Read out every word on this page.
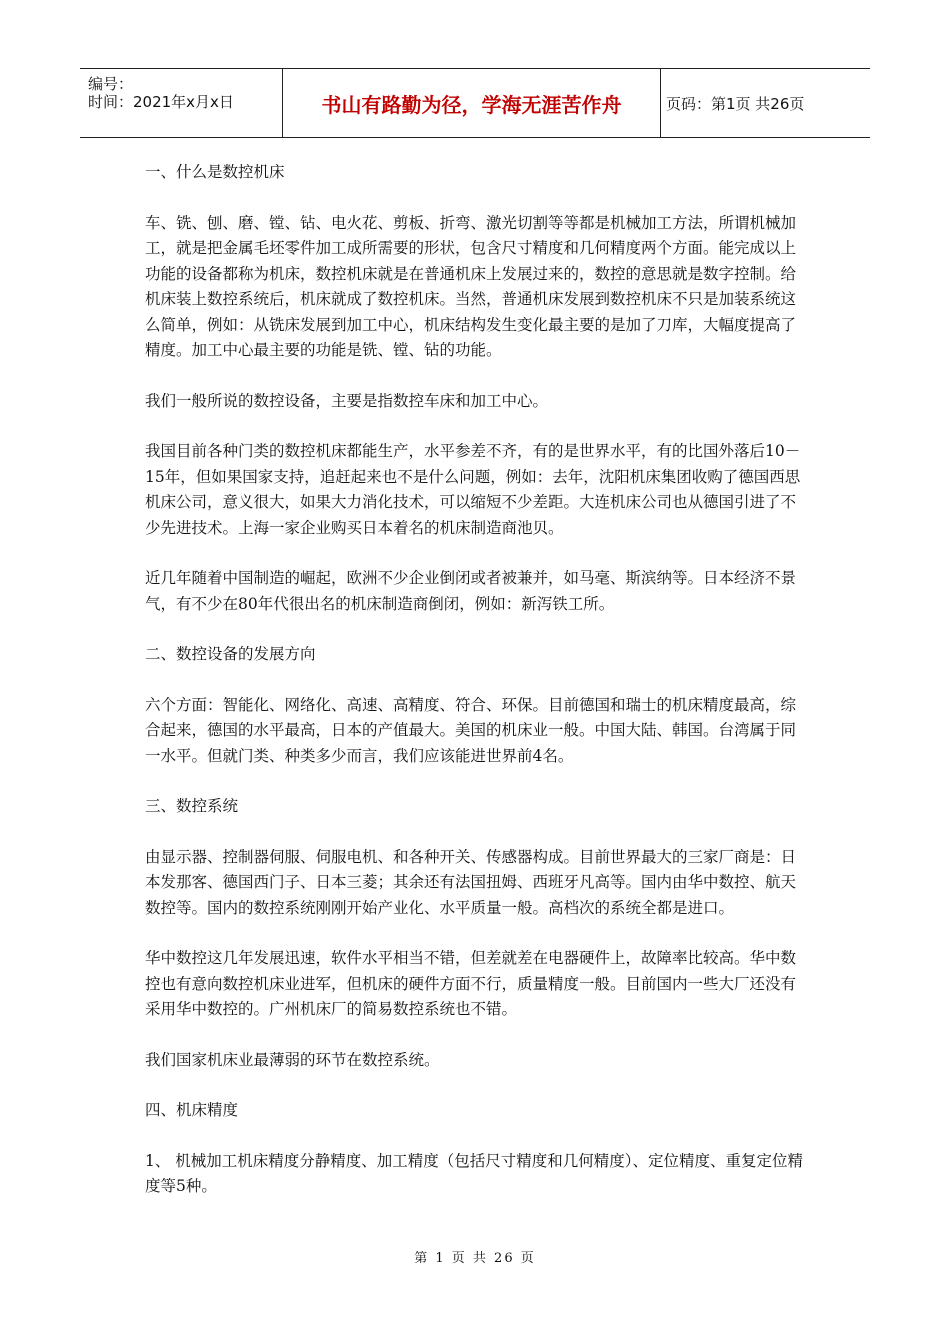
编号：
时间：2021年x月x日	书山有路勤为径，学海无涯苦作舟	页码：第1页 共26页

一、什么是数控机床

车、铣、刨、磨、镗、钻、电火花、剪板、折弯、激光切割等等都是机械加工方法，所谓机械加工，就是把金属毛坯零件加工成所需要的形状，包含尺寸精度和几何精度两个方面。能完成以上功能的设备都称为机床，数控机床就是在普通机床上发展过来的，数控的意思就是数字控制。给机床装上数控系统后，机床就成了数控机床。当然，普通机床发展到数控机床不只是加装系统这么简单，例如：从铣床发展到加工中心，机床结构发生变化最主要的是加了刀库，大幅度提高了精度。加工中心最主要的功能是铣、镗、钻的功能。

我们一般所说的数控设备，主要是指数控车床和加工中心。

我国目前各种门类的数控机床都能生产，水平参差不齐，有的是世界水平，有的比国外落后10－15年，但如果国家支持，追赶起来也不是什么问题，例如：去年，沈阳机床集团收购了德国西思机床公司，意义很大，如果大力消化技术，可以缩短不少差距。大连机床公司也从德国引进了不少先进技术。上海一家企业购买日本着名的机床制造商池贝。

近几年随着中国制造的崛起，欧洲不少企业倒闭或者被兼并，如马毫、斯滨纳等。日本经济不景气，有不少在80年代很出名的机床制造商倒闭，例如：新泻铁工所。

二、数控设备的发展方向

六个方面：智能化、网络化、高速、高精度、符合、环保。目前德国和瑞士的机床精度最高，综合起来，德国的水平最高，日本的产值最大。美国的机床业一般。中国大陆、韩国。台湾属于同一水平。但就门类、种类多少而言，我们应该能进世界前4名。

三、数控系统

由显示器、控制器伺服、伺服电机、和各种开关、传感器构成。目前世界最大的三家厂商是：日本发那客、德国西门子、日本三菱；其余还有法国扭姆、西班牙凡高等。国内由华中数控、航天数控等。国内的数控系统刚刚开始产业化、水平质量一般。高档次的系统全都是进口。

华中数控这几年发展迅速，软件水平相当不错，但差就差在电器硬件上，故障率比较高。华中数控也有意向数控机床业进军，但机床的硬件方面不行，质量精度一般。目前国内一些大厂还没有采用华中数控的。广州机床厂的简易数控系统也不错。

我们国家机床业最薄弱的环节在数控系统。

四、机床精度

1、 机械加工机床精度分静精度、加工精度（包括尺寸精度和几何精度）、定位精度、重复定位精度等5种。

第 1 页 共 26 页
